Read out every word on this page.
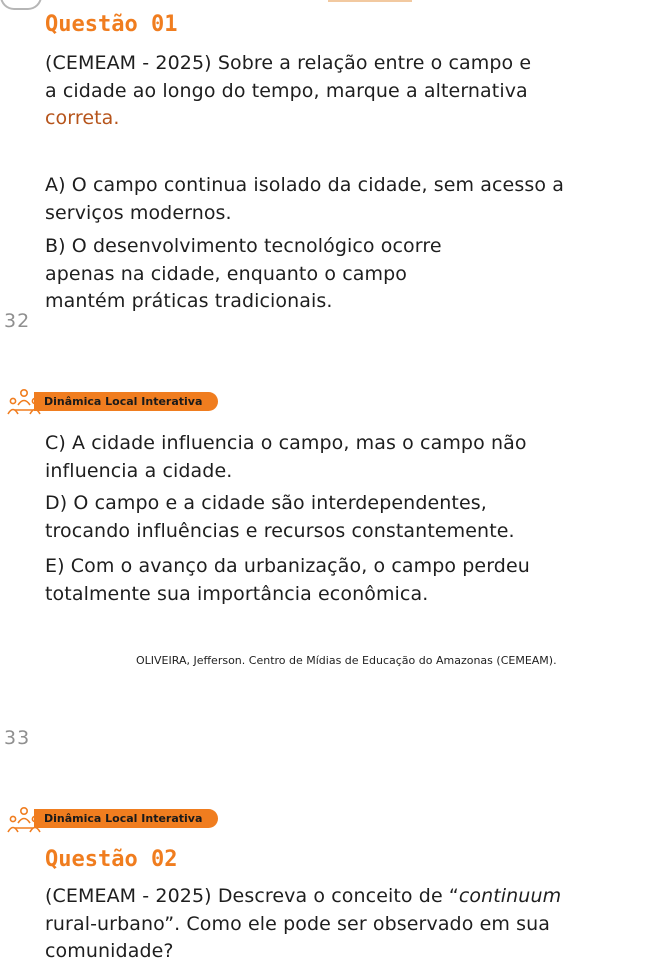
Questão 01

(CEMEAM - 2025) Sobre a relação entre o campo e

a cidade ao longo do tempo, marque a alternativa

correta.

A) O campo continua isolado da cidade, sem acesso a

serviços modernos.

B) O desenvolvimento tecnológico ocorre

apenas na cidade, enquanto o campo

mantém práticas tradicionais.

32
Dinâmica Local Interativa

C) A cidade influencia o campo, mas o campo não

influencia a cidade.

D) O campo e a cidade são interdependentes,

trocando influências e recursos constantemente.

E) Com o avanço da urbanização, o campo perdeu

totalmente sua importância econômica.

OLIVEIRA, Jefferson. Centro de Mídias de Educação do Amazonas (CEMEAM).
33
Dinâmica Local Interativa
Questão 02

(CEMEAM - 2025) Descreva o conceito de “continuum

rural-urbano”. Como ele pode ser observado em sua

comunidade?
